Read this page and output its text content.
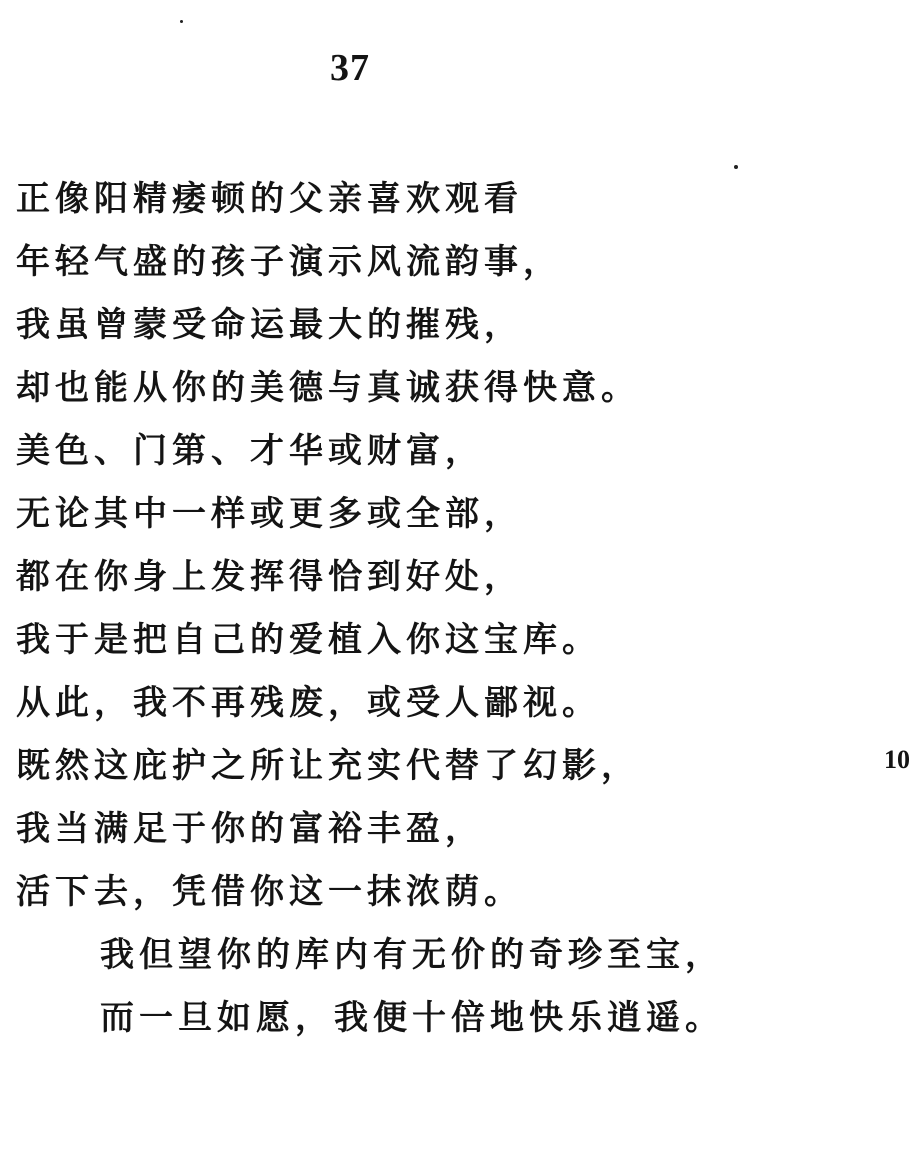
37
正像阳精痿顿的父亲喜欢观看
年轻气盛的孩子演示风流韵事，
我虽曾蒙受命运最大的摧残，
却也能从你的美德与真诚获得快意。
美色、门第、才华或财富，
无论其中一样或更多或全部，
都在你身上发挥得恰到好处，
我于是把自己的爱植入你这宝库。
从此，我不再残废，或受人鄙视。
既然这庇护之所让充实代替了幻影，
我当满足于你的富裕丰盈，
活下去，凭借你这一抹浓荫。
我但望你的库内有无价的奇珍至宝，
而一旦如愿，我便十倍地快乐逍遥。
10
